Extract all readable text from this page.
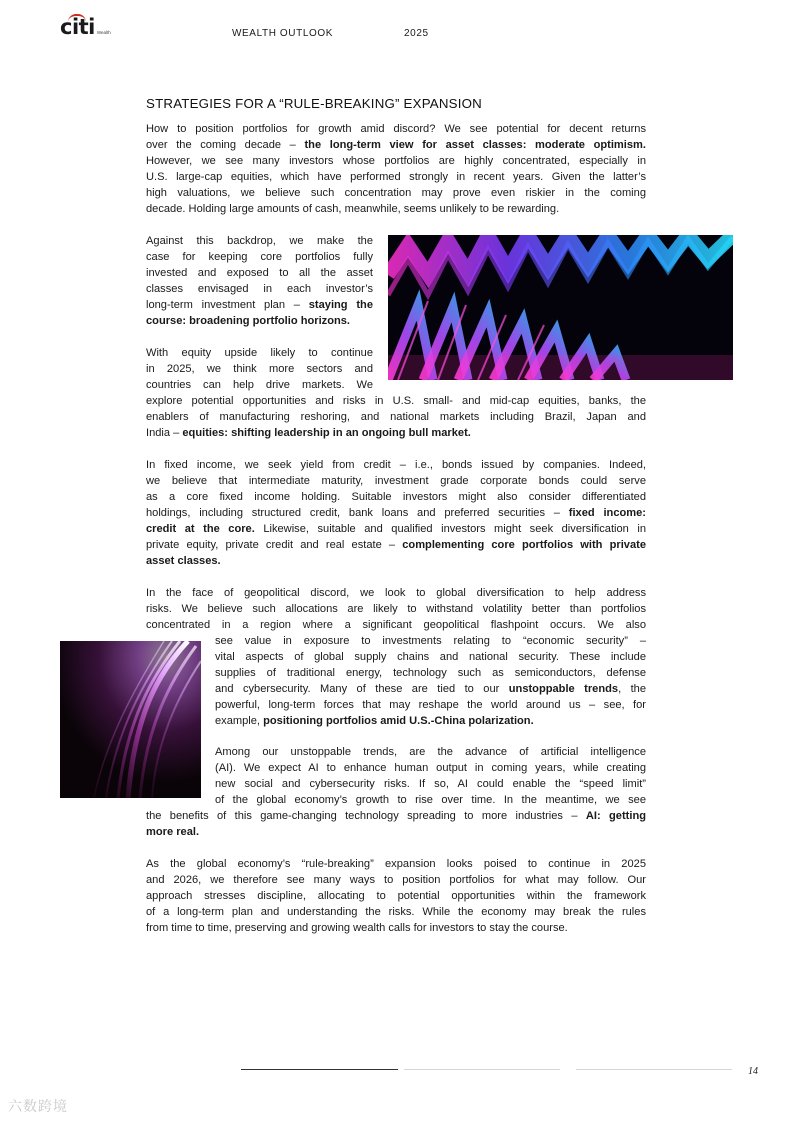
citi Wealth	WEALTH OUTLOOK	2025
STRATEGIES FOR A “RULE-BREAKING” EXPANSION
How to position portfolios for growth amid discord? We see potential for decent returns
over the coming decade – the long-term view for asset classes: moderate optimism.
However, we see many investors whose portfolios are highly concentrated, especially in
U.S. large-cap equities, which have performed strongly in recent years. Given the latter’s
high valuations, we believe such concentration may prove even riskier in the coming
decade. Holding large amounts of cash, meanwhile, seems unlikely to be rewarding.
Against this backdrop, we make the
case for keeping core portfolios fully
invested and exposed to all the asset
classes envisaged in each investor’s
long-term investment plan – staying the
course: broadening portfolio horizons.
With equity upside likely to continue
in 2025, we think more sectors and
countries can help drive markets. We
explore potential opportunities and risks in U.S. small- and mid-cap equities, banks, the
enablers of manufacturing reshoring, and national markets including Brazil, Japan and
India – equities: shifting leadership in an ongoing bull market.
In fixed income, we seek yield from credit – i.e., bonds issued by companies. Indeed,
we believe that intermediate maturity, investment grade corporate bonds could serve
as a core fixed income holding. Suitable investors might also consider differentiated
holdings, including structured credit, bank loans and preferred securities – fixed income:
credit at the core. Likewise, suitable and qualified investors might seek diversification in
private equity, private credit and real estate – complementing core portfolios with private
asset classes.
In the face of geopolitical discord, we look to global diversification to help address
risks. We believe such allocations are likely to withstand volatility better than portfolios
concentrated in a region where a significant geopolitical flashpoint occurs. We also
see value in exposure to investments relating to “economic security” –
vital aspects of global supply chains and national security. These include
supplies of traditional energy, technology such as semiconductors, defense
and cybersecurity. Many of these are tied to our unstoppable trends, the
powerful, long-term forces that may reshape the world around us – see, for
example, positioning portfolios amid U.S.-China polarization.
Among our unstoppable trends, are the advance of artificial intelligence
(AI). We expect AI to enhance human output in coming years, while creating
new social and cybersecurity risks. If so, AI could enable the “speed limit”
of the global economy’s growth to rise over time. In the meantime, we see
the benefits of this game-changing technology spreading to more industries – AI: getting
more real.
As the global economy’s “rule-breaking” expansion looks poised to continue in 2025
and 2026, we therefore see many ways to position portfolios for what may follow. Our
approach stresses discipline, allocating to potential opportunities within the framework
of a long-term plan and understanding the risks. While the economy may break the rules
from time to time, preserving and growing wealth calls for investors to stay the course.
14
六数跨境
